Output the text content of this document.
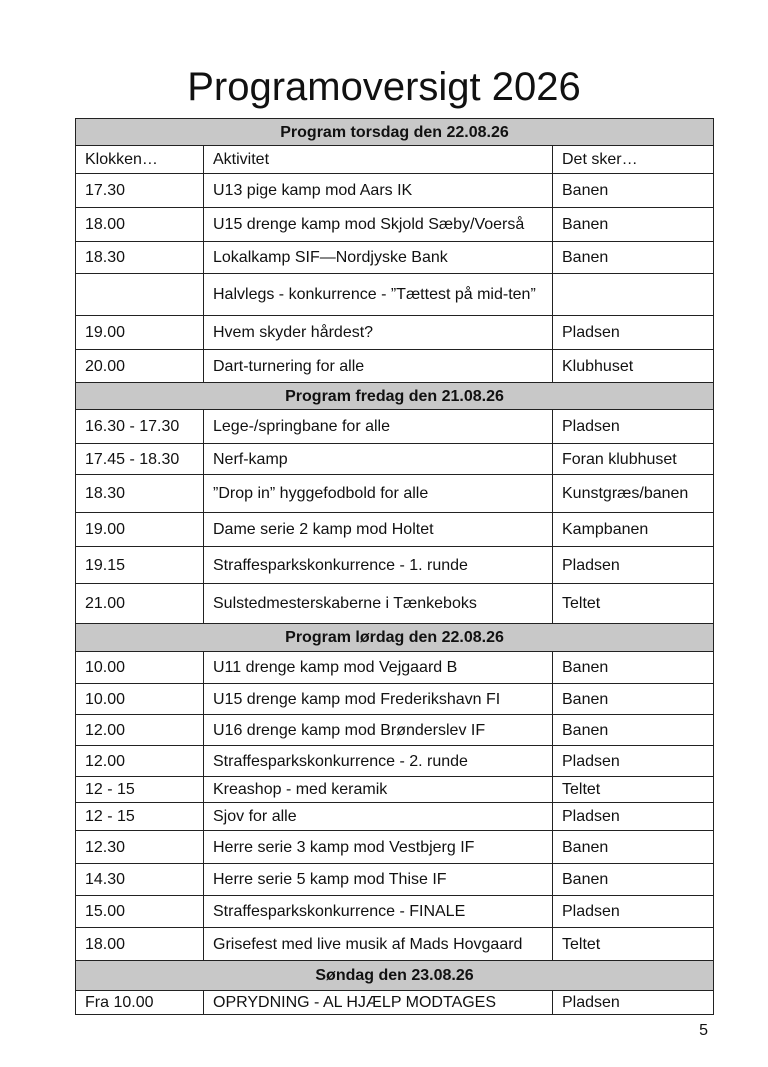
Programoversigt 2026
Program torsdag den 22.08.26		
Klokken…	Aktivitet	Det sker…
17.30	U13 pige kamp mod Aars IK	Banen
18.00	U15 drenge kamp mod Skjold Sæby/Voerså	Banen
18.30	Lokalkamp SIF—Nordjyske Bank	Banen
	Halvlegs - konkurrence - ”Tættest på mid-ten”	
19.00	Hvem skyder hårdest?	Pladsen
20.00	Dart-turnering for alle	Klubhuset
Program fredag den 21.08.26		
16.30 - 17.30	Lege-/springbane for alle	Pladsen
17.45 - 18.30	Nerf-kamp	Foran klubhuset
18.30	”Drop in” hyggefodbold for alle	Kunstgræs/banen
19.00	Dame serie 2 kamp mod Holtet	Kampbanen
19.15	Straffesparkskonkurrence - 1. runde	Pladsen
21.00	Sulstedmesterskaberne i Tænkeboks	Teltet
Program lørdag den 22.08.26		
10.00	U11 drenge kamp mod Vejgaard B	Banen
10.00	U15 drenge kamp mod Frederikshavn FI	Banen
12.00	U16 drenge kamp mod Brønderslev IF	Banen
12.00	Straffesparkskonkurrence - 2. runde	Pladsen
12 - 15	Kreashop - med keramik	Teltet
12 - 15	Sjov for alle	Pladsen
12.30	Herre serie 3 kamp mod Vestbjerg IF	Banen
14.30	Herre serie 5 kamp mod Thise IF	Banen
15.00	Straffesparkskonkurrence - FINALE	Pladsen
18.00	Grisefest med live musik af Mads Hovgaard	Teltet
Søndag den 23.08.26		
Fra 10.00	OPRYDNING - AL HJÆLP MODTAGES	Pladsen
5
